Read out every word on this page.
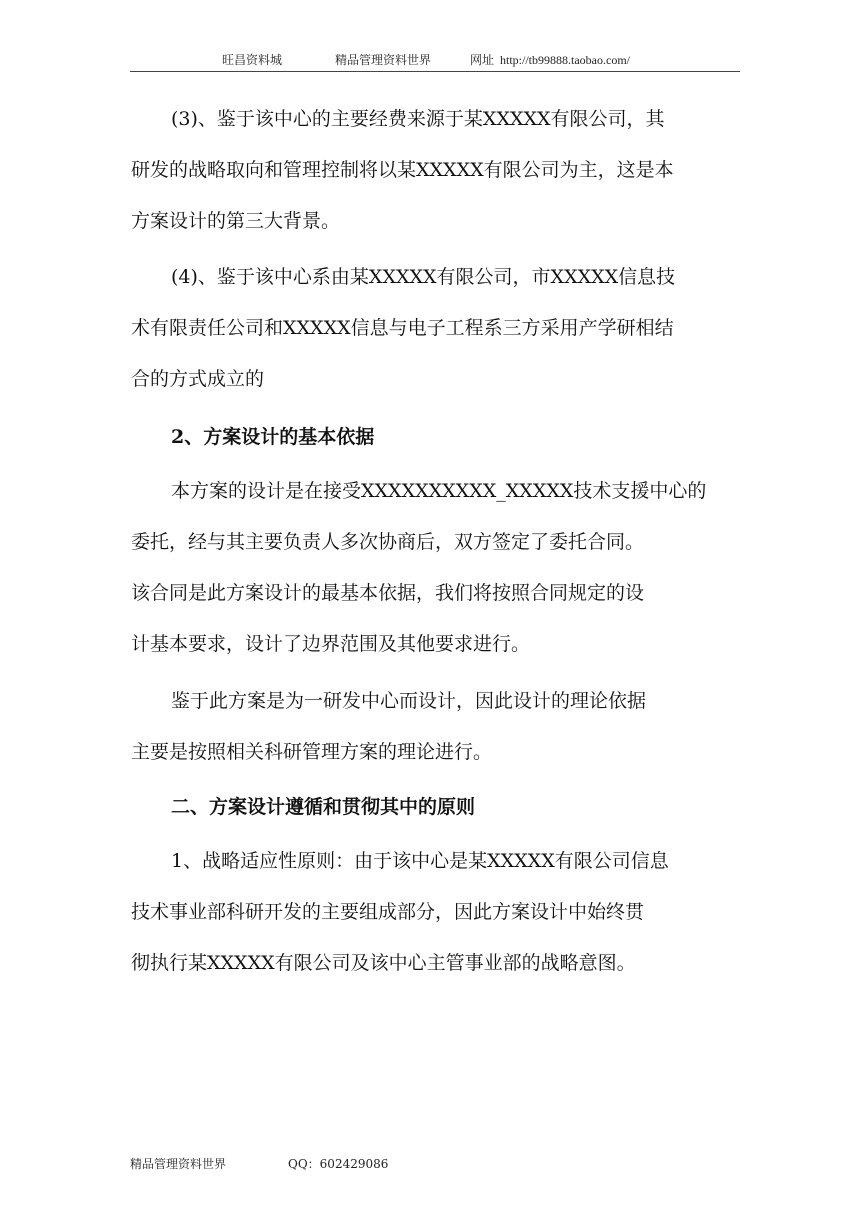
旺昌资料城	精品管理资料世界	网址 http://tb99888.taobao.com/
(3)、鉴于该中心的主要经费来源于某XXXXX有限公司，其
研发的战略取向和管理控制将以某XXXXX有限公司为主，这是本
方案设计的第三大背景。
(4)、鉴于该中心系由某XXXXX有限公司，市XXXXX信息技
术有限责任公司和XXXXX信息与电子工程系三方采用产学研相结
合的方式成立的
2、方案设计的基本依据
本方案的设计是在接受XXXXXXXXXX_XXXXX技术支援中心的
委托，经与其主要负责人多次协商后，双方签定了委托合同。
该合同是此方案设计的最基本依据，我们将按照合同规定的设
计基本要求，设计了边界范围及其他要求进行。
鉴于此方案是为一研发中心而设计，因此设计的理论依据
主要是按照相关科研管理方案的理论进行。
二、方案设计遵循和贯彻其中的原则
1、战略适应性原则：由于该中心是某XXXXX有限公司信息
技术事业部科研开发的主要组成部分，因此方案设计中始终贯
彻执行某XXXXX有限公司及该中心主管事业部的战略意图。
精品管理资料世界	QQ：602429086
